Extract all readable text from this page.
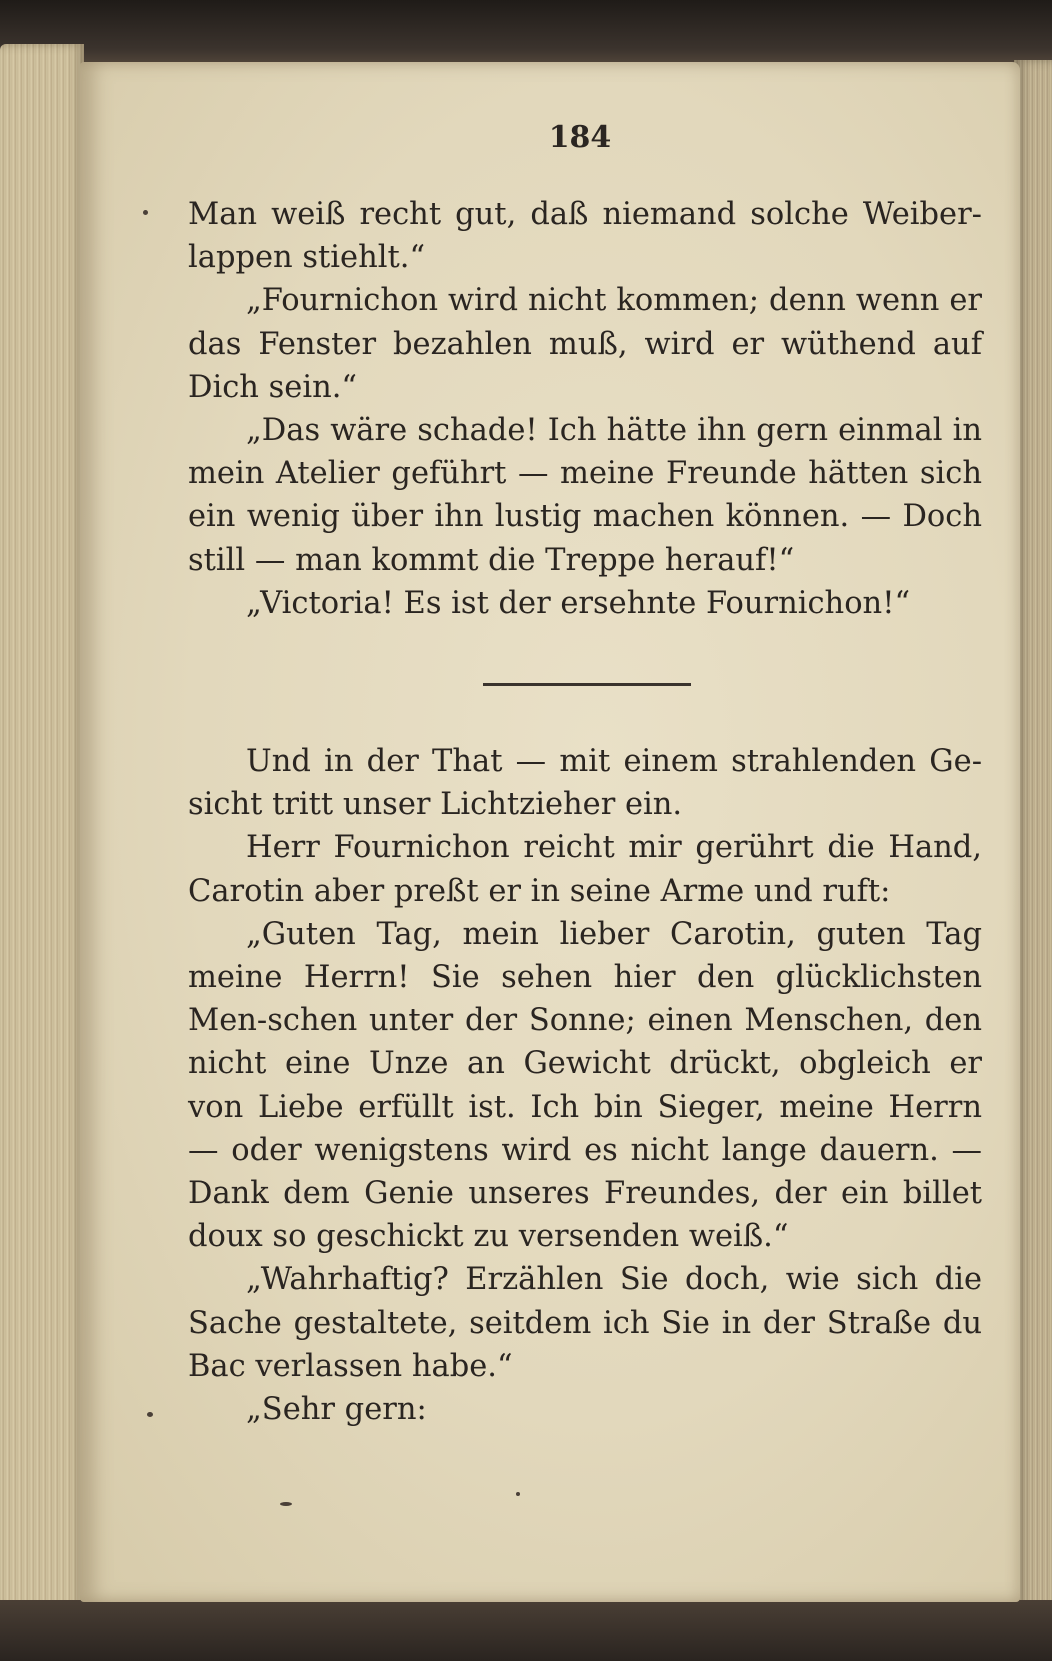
184

Man weiß recht gut, daß niemand solche Weiber-lappen stiehlt.“

„Fournichon wird nicht kommen; denn wenn er das Fenster bezahlen muß, wird er wüthend auf Dich sein.“

„Das wäre schade! Ich hätte ihn gern einmal in mein Atelier geführt — meine Freunde hätten sich ein wenig über ihn lustig machen können. — Doch still — man kommt die Treppe herauf!“

„Victoria! Es ist der ersehnte Fournichon!“

Und in der That — mit einem strahlenden Ge-sicht tritt unser Lichtzieher ein.

Herr Fournichon reicht mir gerührt die Hand, Carotin aber preßt er in seine Arme und ruft:

„Guten Tag, mein lieber Carotin, guten Tag meine Herrn! Sie sehen hier den glücklichsten Men-schen unter der Sonne; einen Menschen, den nicht eine Unze an Gewicht drückt, obgleich er von Liebe erfüllt ist. Ich bin Sieger, meine Herrn — oder wenigstens wird es nicht lange dauern. — Dank dem Genie unseres Freundes, der ein billet doux so geschickt zu versenden weiß.“

„Wahrhaftig? Erzählen Sie doch, wie sich die Sache gestaltete, seitdem ich Sie in der Straße du Bac verlassen habe.“

„Sehr gern:
